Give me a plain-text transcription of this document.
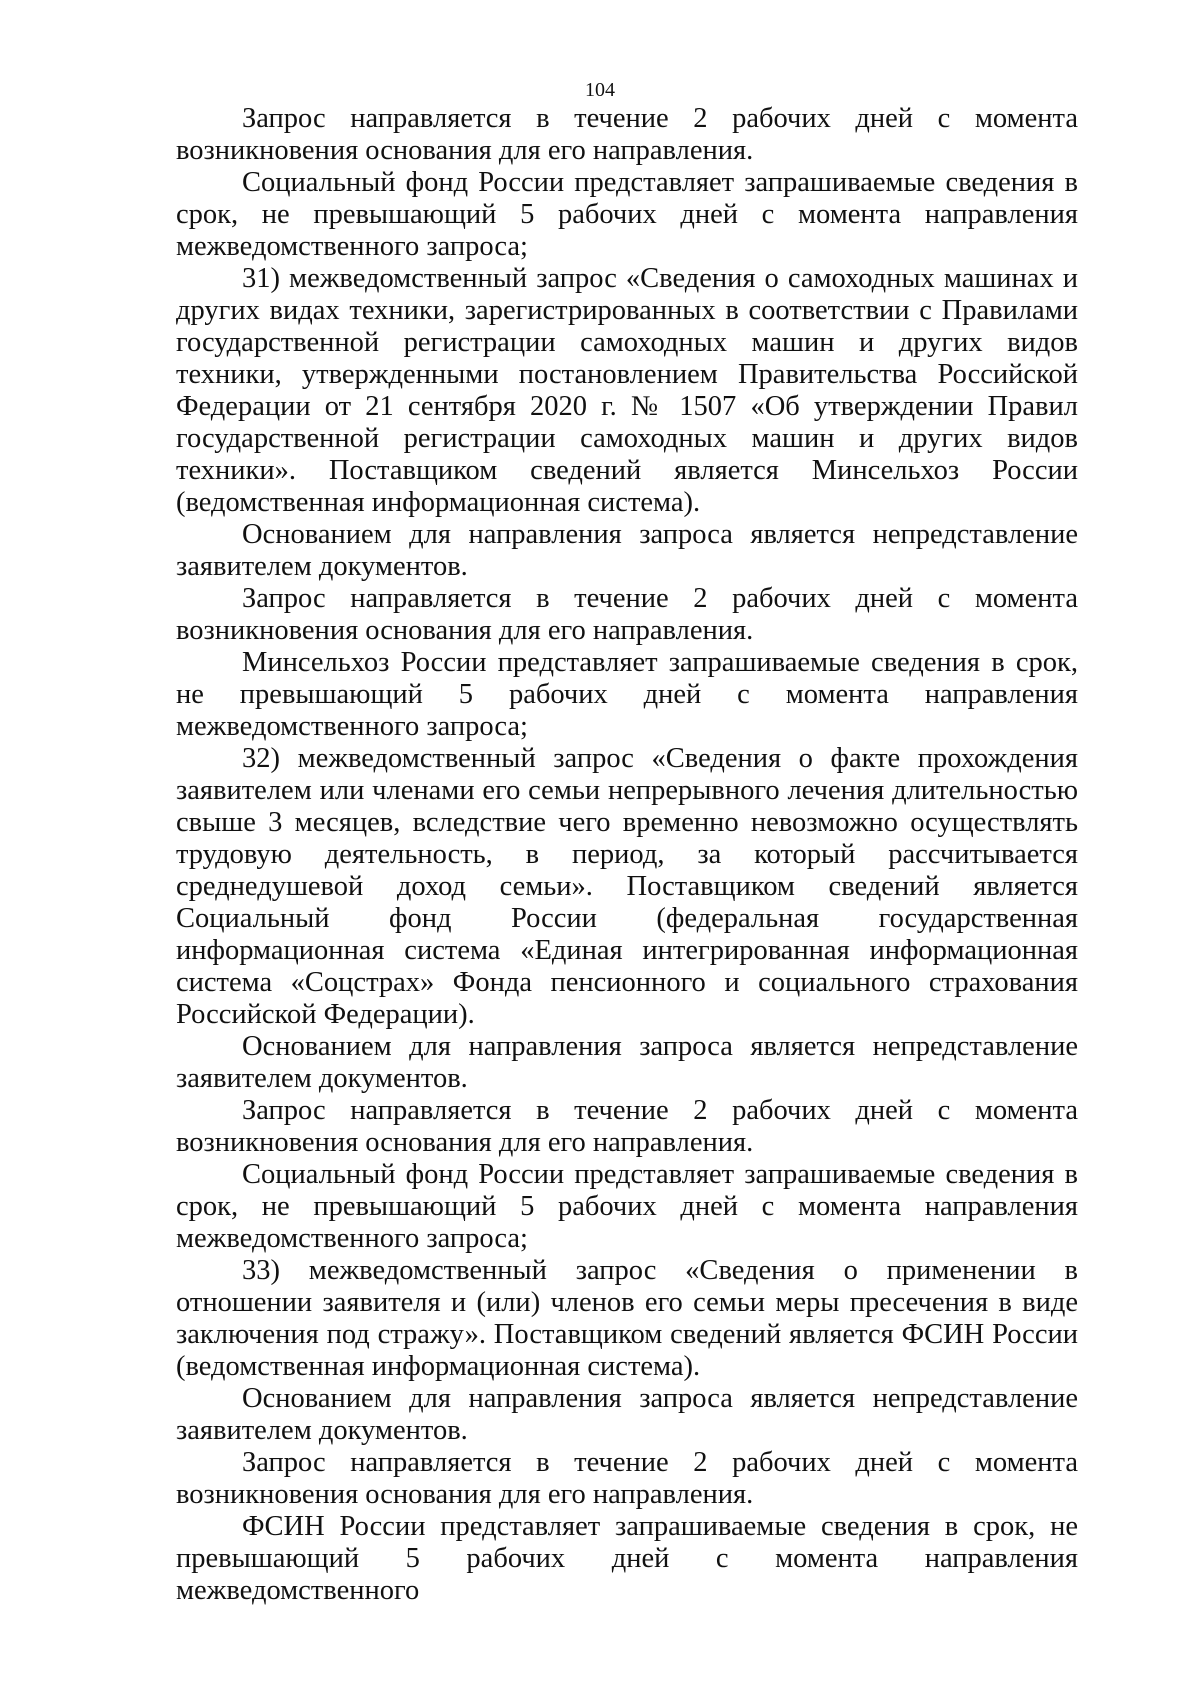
104

Запрос направляется в течение 2 рабочих дней с момента возникновения основания для его направления.

Социальный фонд России представляет запрашиваемые сведения в срок, не превышающий 5 рабочих дней с момента направления межведомственного запроса;

31) межведомственный запрос «Сведения о самоходных машинах и других видах техники, зарегистрированных в соответствии с Правилами государственной регистрации самоходных машин и других видов техники, утвержденными постановлением Правительства Российской Федерации от 21 сентября 2020 г. № 1507 «Об утверждении Правил государственной регистрации самоходных машин и других видов техники». Поставщиком сведений является Минсельхоз России (ведомственная информационная система).

Основанием для направления запроса является непредставление заявителем документов.

Запрос направляется в течение 2 рабочих дней с момента возникновения основания для его направления.

Минсельхоз России представляет запрашиваемые сведения в срок, не превышающий 5 рабочих дней с момента направления межведомственного запроса;

32) межведомственный запрос «Сведения о факте прохождения заявителем или членами его семьи непрерывного лечения длительностью свыше 3 месяцев, вследствие чего временно невозможно осуществлять трудовую деятельность, в период, за который рассчитывается среднедушевой доход семьи». Поставщиком сведений является Социальный фонд России (федеральная государственная информационная система «Единая интегрированная информационная система «Соцстрах» Фонда пенсионного и социального страхования Российской Федерации).

Основанием для направления запроса является непредставление заявителем документов.

Запрос направляется в течение 2 рабочих дней с момента возникновения основания для его направления.

Социальный фонд России представляет запрашиваемые сведения в срок, не превышающий 5 рабочих дней с момента направления межведомственного запроса;

33) межведомственный запрос «Сведения о применении в отношении заявителя и (или) членов его семьи меры пресечения в виде заключения под стражу». Поставщиком сведений является ФСИН России (ведомственная информационная система).

Основанием для направления запроса является непредставление заявителем документов.

Запрос направляется в течение 2 рабочих дней с момента возникновения основания для его направления.

ФСИН России представляет запрашиваемые сведения в срок, не превышающий 5 рабочих дней с момента направления межведомственного
